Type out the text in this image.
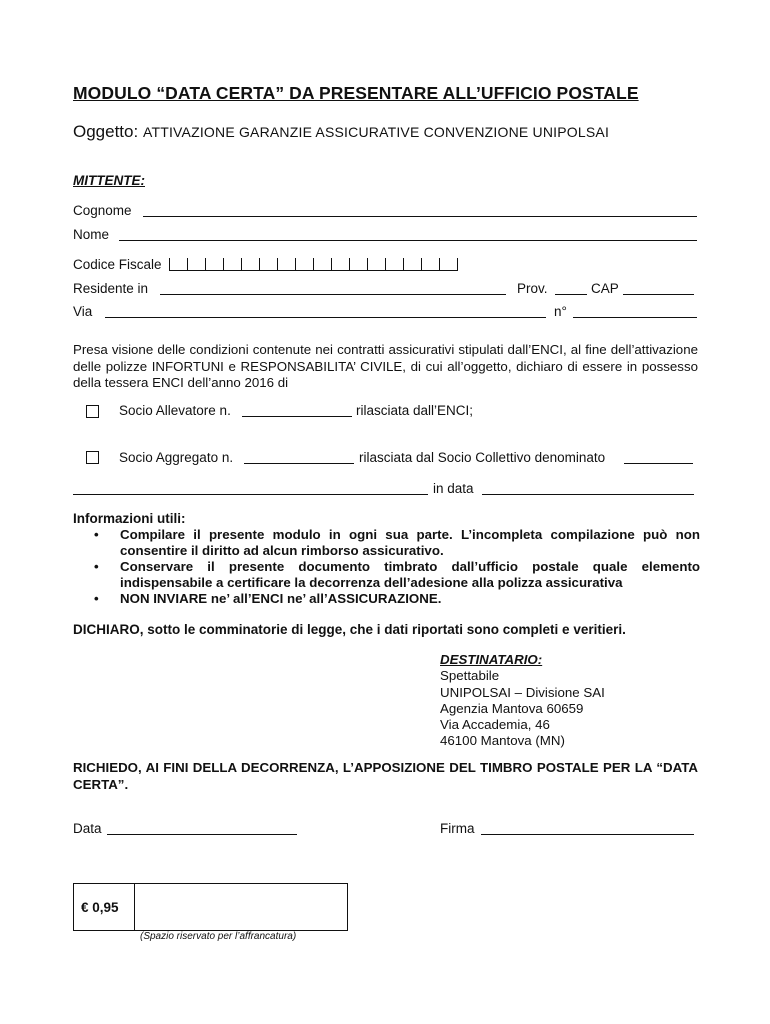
MODULO “DATA CERTA” DA PRESENTARE ALL’UFFICIO POSTALE
Oggetto: ATTIVAZIONE GARANZIE ASSICURATIVE CONVENZIONE UNIPOLSAI
MITTENTE:
Cognome
Nome
Codice Fiscale
Residente in	Prov.	CAP
Via	n°
Presa visione delle condizioni contenute nei contratti assicurativi stipulati dall’ENCI, al fine dell’attivazione delle polizze INFORTUNI e RESPONSABILITA’ CIVILE, di cui all’oggetto, dichiaro di essere in possesso della tessera ENCI dell’anno 2016 di
Socio Allevatore n.	rilasciata dall’ENCI;
Socio Aggregato n.	rilasciata dal Socio Collettivo denominato
in data
Informazioni utili:
• Compilare il presente modulo in ogni sua parte. L’incompleta compilazione può non consentire il diritto ad alcun rimborso assicurativo.
• Conservare il presente documento timbrato dall’ufficio postale quale elemento indispensabile a certificare la decorrenza dell’adesione alla polizza assicurativa
• NON INVIARE ne’ all’ENCI ne’ all’ASSICURAZIONE.
DICHIARO, sotto le comminatorie di legge, che i dati riportati sono completi e veritieri.
DESTINATARIO:
Spettabile
UNIPOLSAI – Divisione SAI
Agenzia Mantova 60659
Via Accademia, 46
46100 Mantova (MN)
RICHIEDO, AI FINI DELLA DECORRENZA, L’APPOSIZIONE DEL TIMBRO POSTALE PER LA “DATA CERTA”.
Data	Firma
€ 0,95
(Spazio riservato per l’affrancatura)
